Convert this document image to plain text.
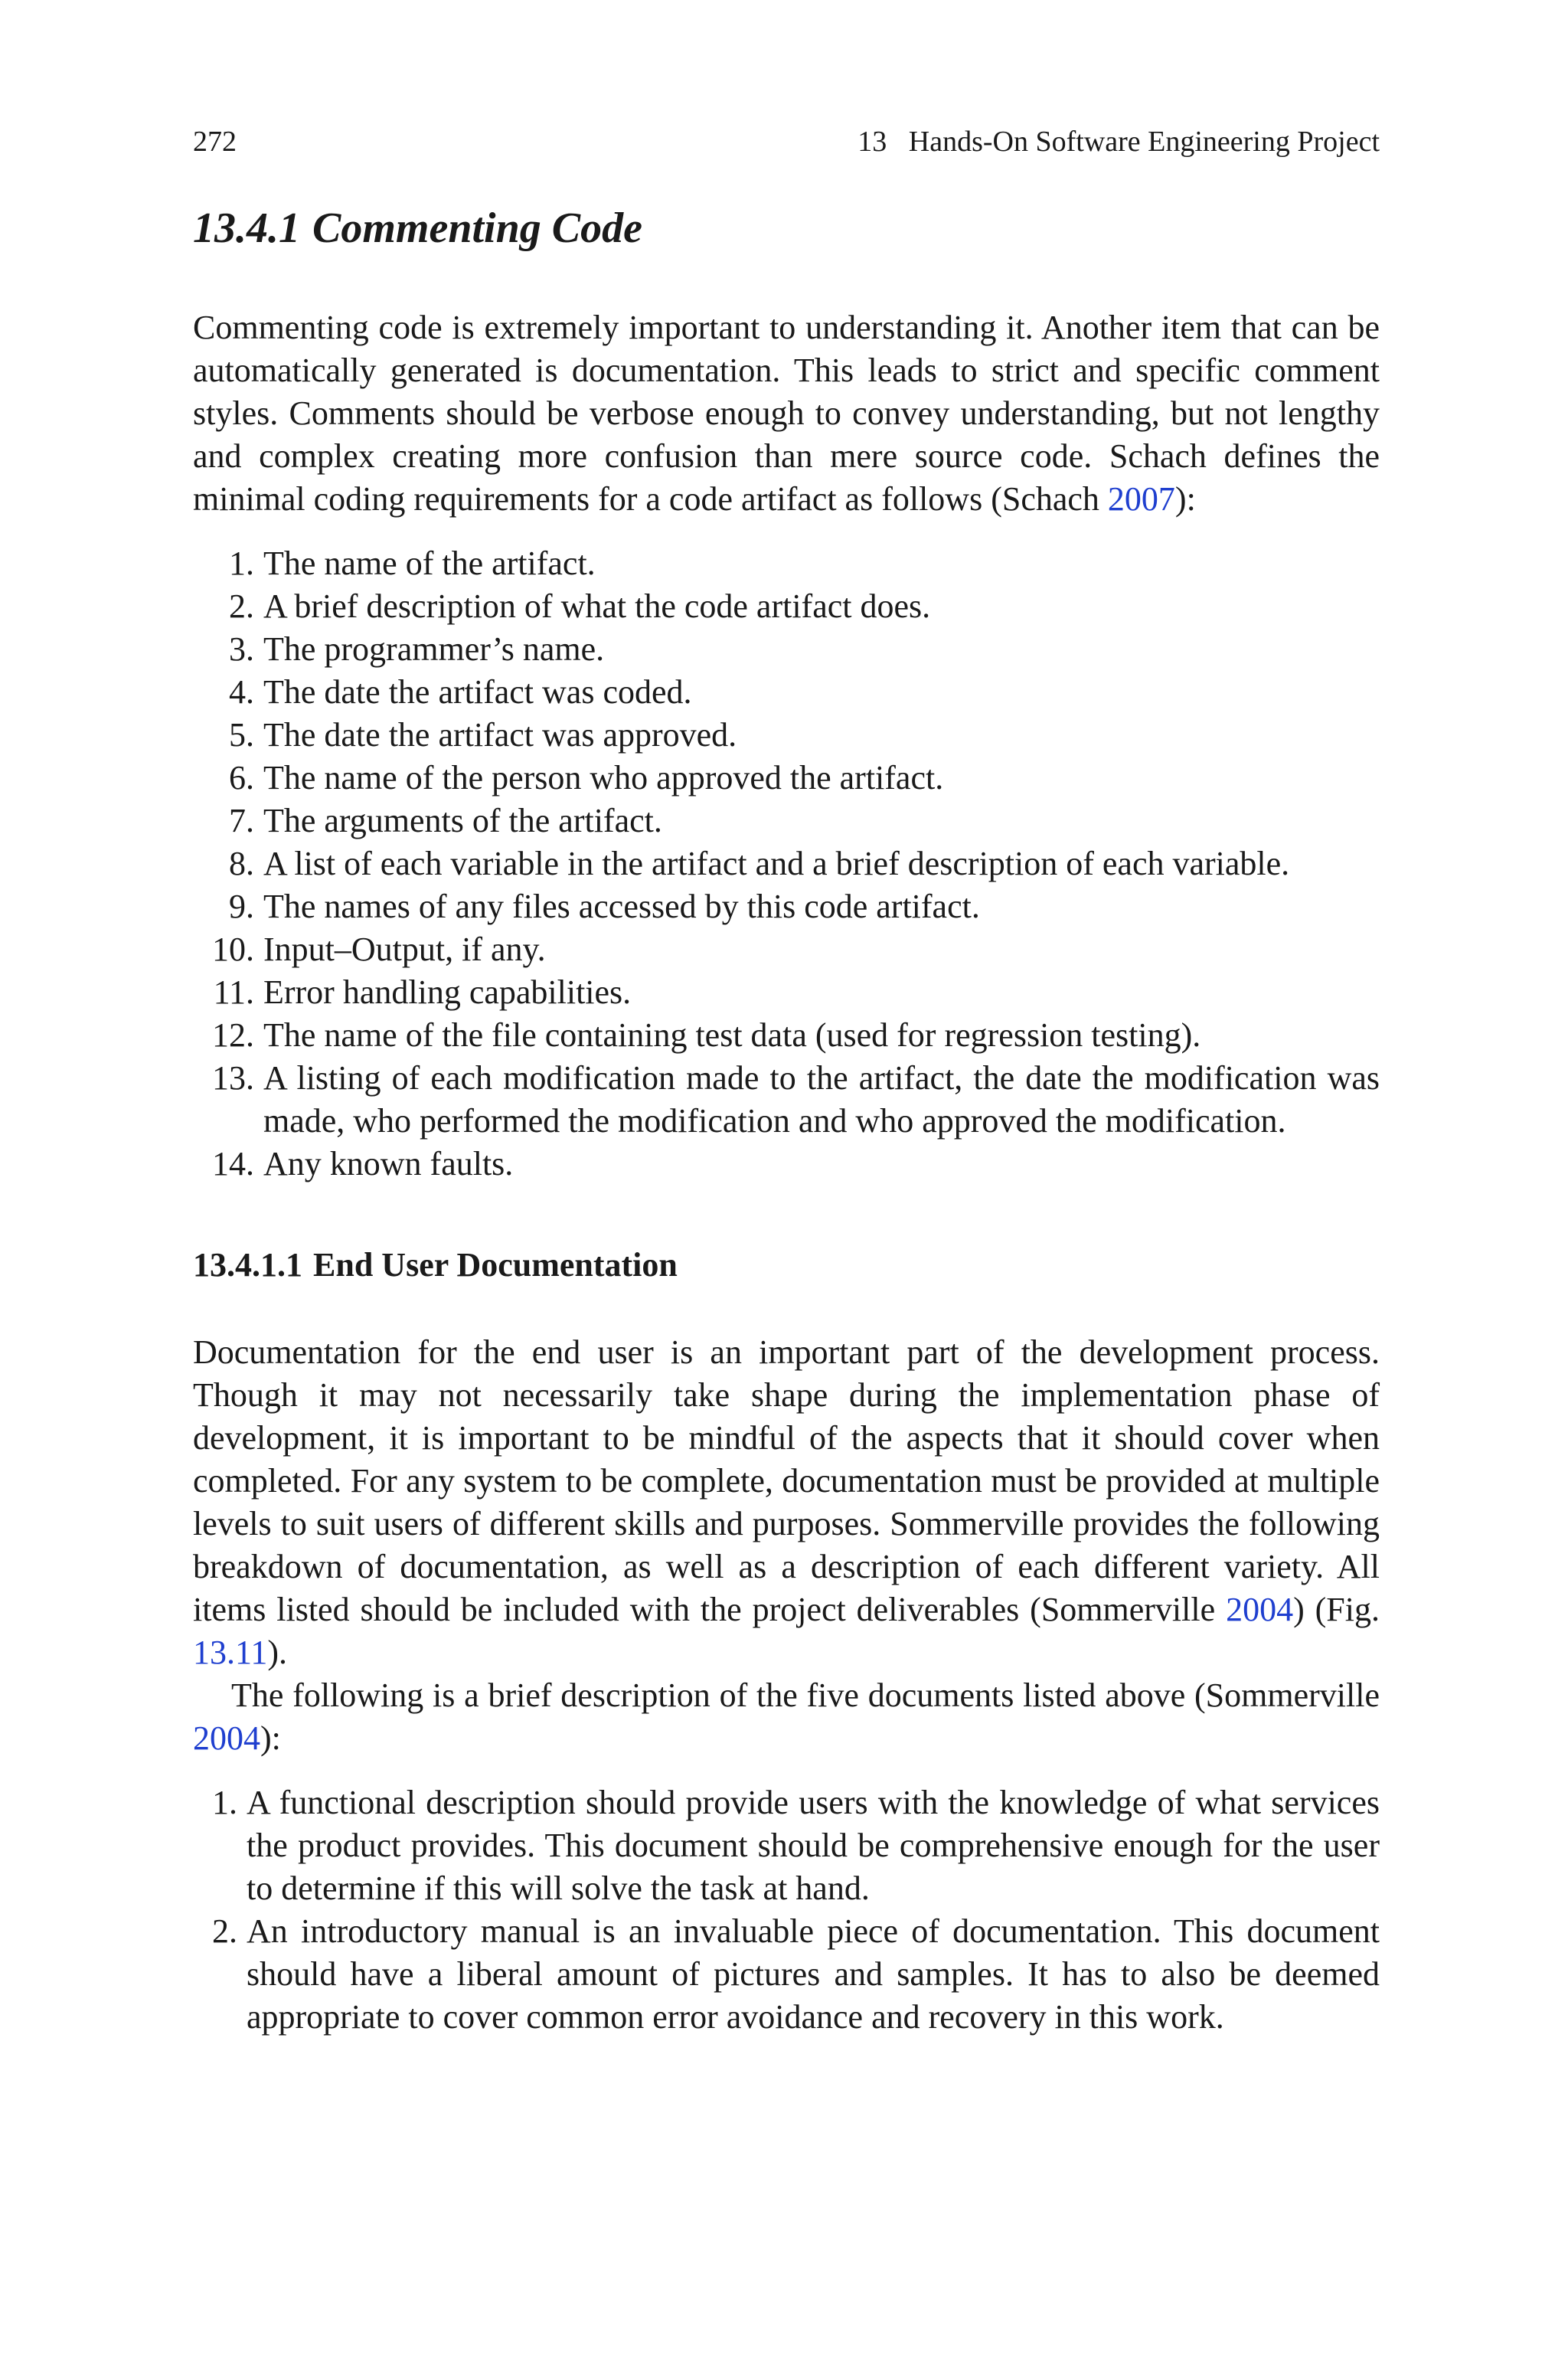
272	13   Hands-On Software Engineering Project
13.4.1 Commenting Code

Commenting code is extremely important to understanding it. Another item that can be automatically generated is documentation. This leads to strict and specific comment styles. Comments should be verbose enough to convey understanding, but not lengthy and complex creating more confusion than mere source code. Schach defines the minimal coding requirements for a code artifact as follows (Schach 2007):

1. The name of the artifact.
2. A brief description of what the code artifact does.
3. The programmer’s name.
4. The date the artifact was coded.
5. The date the artifact was approved.
6. The name of the person who approved the artifact.
7. The arguments of the artifact.
8. A list of each variable in the artifact and a brief description of each variable.
9. The names of any files accessed by this code artifact.
10. Input–Output, if any.
11. Error handling capabilities.
12. The name of the file containing test data (used for regression testing).
13. A listing of each modification made to the artifact, the date the modification was made, who performed the modification and who approved the modification.
14. Any known faults.
13.4.1.1 End User Documentation

Documentation for the end user is an important part of the development process. Though it may not necessarily take shape during the implementation phase of development, it is important to be mindful of the aspects that it should cover when completed. For any system to be complete, documentation must be provided at multiple levels to suit users of different skills and purposes. Sommerville provides the following breakdown of documentation, as well as a description of each different variety. All items listed should be included with the project deliverables (Sommerville 2004) (Fig. 13.11).

The following is a brief description of the five documents listed above (Sommerville 2004):

1. A functional description should provide users with the knowledge of what services the product provides. This document should be comprehensive enough for the user to determine if this will solve the task at hand.
2. An introductory manual is an invaluable piece of documentation. This document should have a liberal amount of pictures and samples. It has to also be deemed appropriate to cover common error avoidance and recovery in this work.
